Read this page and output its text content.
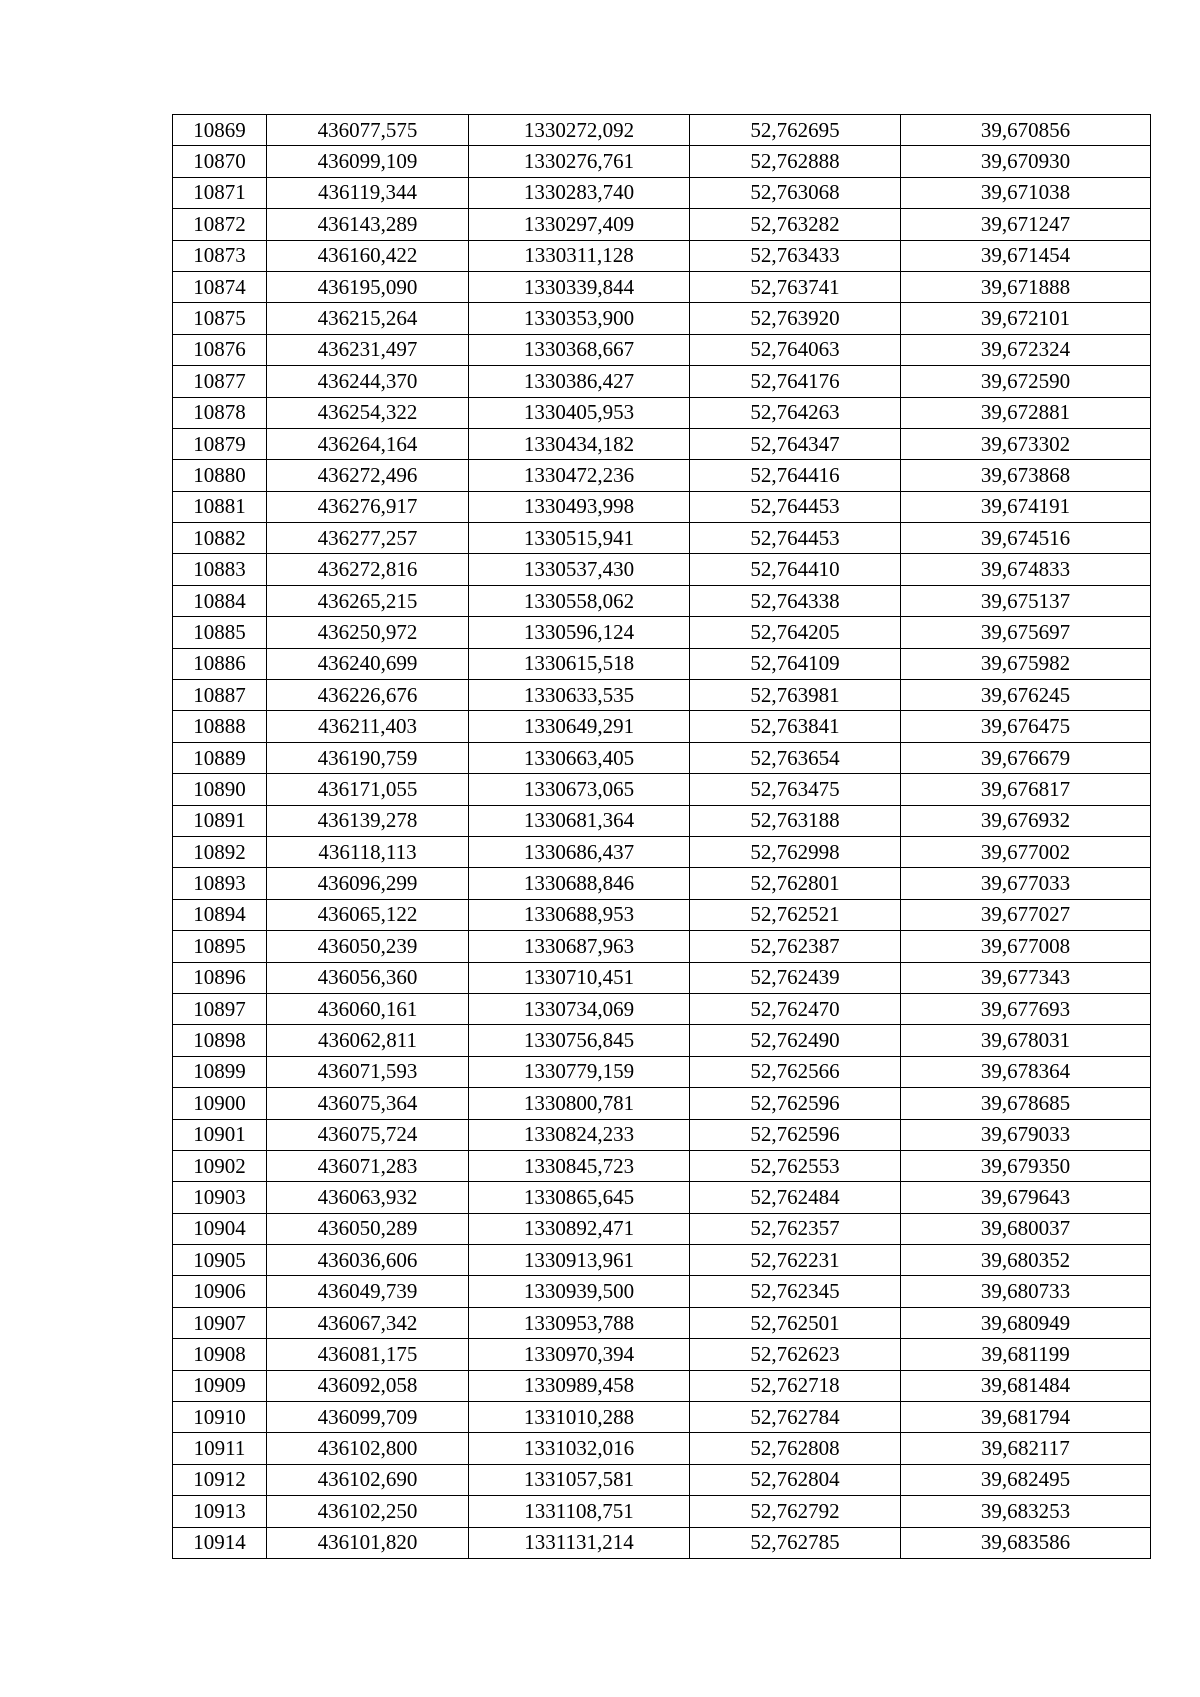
10869	436077,575	1330272,092	52,762695	39,670856
10870	436099,109	1330276,761	52,762888	39,670930
10871	436119,344	1330283,740	52,763068	39,671038
10872	436143,289	1330297,409	52,763282	39,671247
10873	436160,422	1330311,128	52,763433	39,671454
10874	436195,090	1330339,844	52,763741	39,671888
10875	436215,264	1330353,900	52,763920	39,672101
10876	436231,497	1330368,667	52,764063	39,672324
10877	436244,370	1330386,427	52,764176	39,672590
10878	436254,322	1330405,953	52,764263	39,672881
10879	436264,164	1330434,182	52,764347	39,673302
10880	436272,496	1330472,236	52,764416	39,673868
10881	436276,917	1330493,998	52,764453	39,674191
10882	436277,257	1330515,941	52,764453	39,674516
10883	436272,816	1330537,430	52,764410	39,674833
10884	436265,215	1330558,062	52,764338	39,675137
10885	436250,972	1330596,124	52,764205	39,675697
10886	436240,699	1330615,518	52,764109	39,675982
10887	436226,676	1330633,535	52,763981	39,676245
10888	436211,403	1330649,291	52,763841	39,676475
10889	436190,759	1330663,405	52,763654	39,676679
10890	436171,055	1330673,065	52,763475	39,676817
10891	436139,278	1330681,364	52,763188	39,676932
10892	436118,113	1330686,437	52,762998	39,677002
10893	436096,299	1330688,846	52,762801	39,677033
10894	436065,122	1330688,953	52,762521	39,677027
10895	436050,239	1330687,963	52,762387	39,677008
10896	436056,360	1330710,451	52,762439	39,677343
10897	436060,161	1330734,069	52,762470	39,677693
10898	436062,811	1330756,845	52,762490	39,678031
10899	436071,593	1330779,159	52,762566	39,678364
10900	436075,364	1330800,781	52,762596	39,678685
10901	436075,724	1330824,233	52,762596	39,679033
10902	436071,283	1330845,723	52,762553	39,679350
10903	436063,932	1330865,645	52,762484	39,679643
10904	436050,289	1330892,471	52,762357	39,680037
10905	436036,606	1330913,961	52,762231	39,680352
10906	436049,739	1330939,500	52,762345	39,680733
10907	436067,342	1330953,788	52,762501	39,680949
10908	436081,175	1330970,394	52,762623	39,681199
10909	436092,058	1330989,458	52,762718	39,681484
10910	436099,709	1331010,288	52,762784	39,681794
10911	436102,800	1331032,016	52,762808	39,682117
10912	436102,690	1331057,581	52,762804	39,682495
10913	436102,250	1331108,751	52,762792	39,683253
10914	436101,820	1331131,214	52,762785	39,683586
